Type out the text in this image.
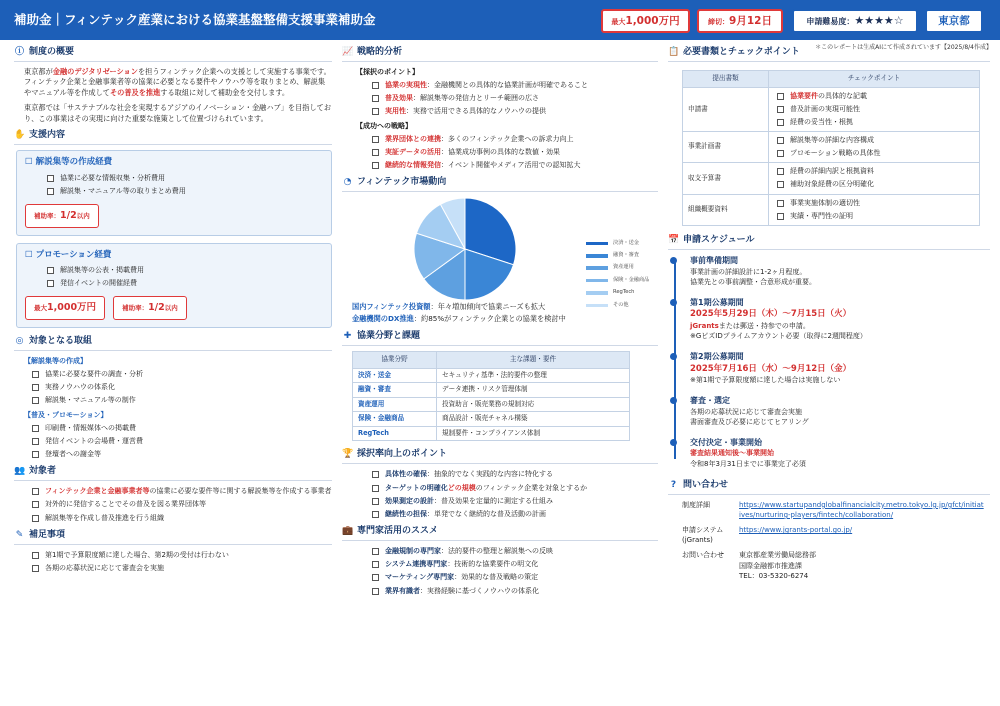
補助金｜フィンテック産業における協業基盤整備支援事業補助金	最大1,000万円	締切：9月12日	申請難易度：★★★★☆	東京都
＊このレポートは生成AIにて作成されています【2025/8/4作成】
ⓘ 制度の概要
東京都が金融のデジタリゼーションを担うフィンテック企業への支援として実施する事業です。フィンテック企業と金融事業者等の協業に必要となる要件やノウハウ等を取りまとめ、解説集やマニュアル等を作成してその普及を推進する取組に対して補助金を交付します。
東京都では「サステナブルな社会を実現するアジアのイノベーション・金融ハブ」を目指しており、この事業はその実現に向けた重要な施策として位置づけられています。
✋ 支援内容
☐ 解説集等の作成経費
協業に必要な情報収集・分析費用
解説集・マニュアル等の取りまとめ費用
補助率：1/2以内
☐ プロモーション経費
解説集等の公表・掲載費用
発信イベントの開催経費
最大1,000万円	補助率：1/2以内
◎ 対象となる取組
【解説集等の作成】
協業に必要な要件の調査・分析
実務ノウハウの体系化
解説集・マニュアル等の制作
【普及・プロモーション】
印刷費・情報媒体への掲載費
発信イベントの会場費・運営費
登壇者への謝金等
👥 対象者
フィンテック企業と金融事業者等の協業に必要な要件等に関する解説集等を作成する事業者
対外的に発信することでその普及を図る業界団体等
解説集等を作成し普及推進を行う組織
✎ 補足事項
第1期で予算限度額に達した場合、第2期の受付は行わない
各期の応募状況に応じて審査会を実施
📈 戦略的分析
【採択のポイント】
協業の実現性：金融機関との具体的な協業計画が明確であること
普及効果：解説集等の発信力とリーチ範囲の広さ
実用性：実務で活用できる具体的なノウハウの提供
【成功への戦略】
業界団体との連携：多くのフィンテック企業への訴求力向上
実証データの活用：協業成功事例の具体的な数値・効果
継続的な情報発信：イベント開催やメディア活用での認知拡大
◔ フィンテック市場動向
決済・送金
融資・審査
資産運用
保険・金融商品
RegTech
その他
国内フィンテック投資額：年々増加傾向で協業ニーズも拡大
金融機関のDX推進：約85%がフィンテック企業との協業を検討中
✚ 協業分野と課題
協業分野	主な課題・要件
決済・送金	セキュリティ基準・法的要件の整理
融資・審査	データ連携・リスク管理体制
資産運用	投資助言・販売業務の規制対応
保険・金融商品	商品設計・販売チャネル構築
RegTech	規制要件・コンプライアンス体制
🏆 採択率向上のポイント
具体性の確保：抽象的でなく実践的な内容に特化する
ターゲットの明確化どの規模のフィンテック企業を対象とするか
効果測定の設計：普及効果を定量的に測定する仕組み
継続性の担保：単発でなく継続的な普及活動の計画
💼 専門家活用のススメ
金融規制の専門家：法的要件の整理と解説集への反映
システム連携専門家：技術的な協業要件の明文化
マーケティング専門家：効果的な普及戦略の策定
業界有識者：実務経験に基づくノウハウの体系化
📋 必要書類とチェックポイント
提出書類	チェックポイント
申請書	協業要件の具体的な記載
普及計画の実現可能性
経費の妥当性・根拠

事業計画書	解説集等の詳細な内容構成
プロモーション戦略の具体性

収支予算書	経費の詳細内訳と根拠資料
補助対象経費の区分明確化

組織概要資料	事業実施体制の適切性
実績・専門性の証明
📅 申請スケジュール
事前準備期間
事業計画の詳細設計に1-2ヶ月程度。
協業先との事前調整・合意形成が重要。
第1期公募期間
2025年5月29日（木）〜7月15日（火）
jGrantsまたは郵送・持参での申請。
※GビズIDプライムアカウント必要（取得に2週間程度）
第2期公募期間
2025年7月16日（水）〜9月12日（金）
※第1期で予算限度額に達した場合は実施しない
審査・選定
各期の応募状況に応じて審査会実施
書面審査及び必要に応じてヒアリング
交付決定・事業開始
審査結果通知後〜事業開始
令和8年3月31日までに事業完了必須
? 問い合わせ
制度詳細	https://www.startupandglobalfinancialcity.metro.tokyo.lg.jp/gfct/initiatives/nurturing-players/fintech/collaboration/
申請システム
(jGrants)
https://www.jgrants-portal.go.jp/
お問い合わせ	東京都産業労働局総務部
国際金融都市推進課
TEL：03-5320-6274
